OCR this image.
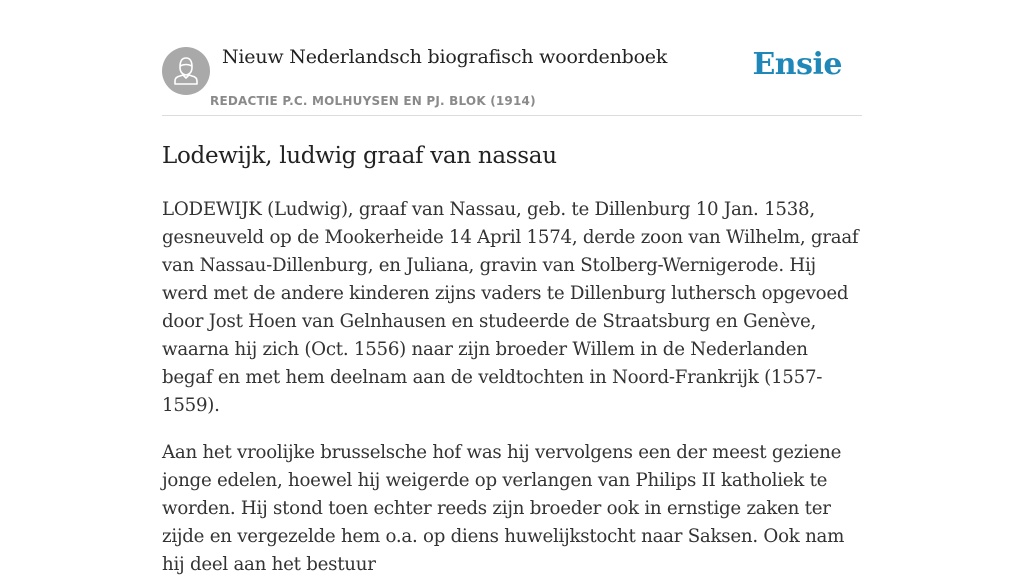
Nieuw Nederlandsch biografisch woordenboek
REDACTIE P.C. MOLHUYSEN EN PJ. BLOK (1914)
Ensie
Lodewijk, ludwig graaf van nassau

LODEWIJK (Ludwig), graaf van Nassau, geb. te Dillenburg 10 Jan. 1538, gesneuveld op de Mookerheide 14 April 1574, derde zoon van Wilhelm, graaf van Nassau-Dillenburg, en Juliana, gravin van Stolberg-Wernigerode. Hij werd met de andere kinderen zijns vaders te Dillenburg luthersch opgevoed door Jost Hoen van Gelnhausen en studeerde de Straatsburg en Genève, waarna hij zich (Oct. 1556) naar zijn broeder Willem in de Nederlanden begaf en met hem deelnam aan de veldtochten in Noord-Frankrijk (1557-1559).

Aan het vroolijke brusselsche hof was hij vervolgens een der meest geziene jonge edelen, hoewel hij weigerde op verlangen van Philips II katholiek te worden. Hij stond toen echter reeds zijn broeder ook in ernstige zaken ter zijde en vergezelde hem o.a. op diens huwelijkstocht naar Saksen. Ook nam hij deel aan het bestuur
